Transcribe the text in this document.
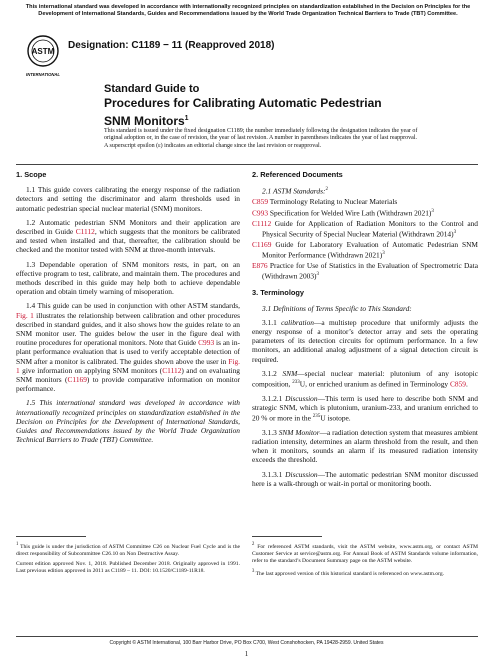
This international standard was developed in accordance with internationally recognized principles on standardization established in the Decision on Principles for the Development of International Standards, Guides and Recommendations issued by the World Trade Organization Technical Barriers to Trade (TBT) Committee.
ASTM
INTERNATIONAL
Designation: C1189 − 11 (Reapproved 2018)
Standard Guide to
Procedures for Calibrating Automatic Pedestrian SNM Monitors$^1$
This standard is issued under the fixed designation C1189; the number immediately following the designation indicates the year of original adoption or, in the case of revision, the year of last revision. A number in parentheses indicates the year of last reapproval. A superscript epsilon (ε) indicates an editorial change since the last revision or reapproval.
1. Scope
1.1 This guide covers calibrating the energy response of the radiation detectors and setting the discriminator and alarm thresholds used in automatic pedestrian special nuclear material (SNM) monitors.
1.2 Automatic pedestrian SNM Monitors and their application are described in Guide C1112, which suggests that the monitors be calibrated and tested when installed and that, thereafter, the calibration should be checked and the monitor tested with SNM at three-month intervals.
1.3 Dependable operation of SNM monitors rests, in part, on an effective program to test, calibrate, and maintain them. The procedures and methods described in this guide may help both to achieve dependable operation and obtain timely warning of misoperation.
1.4 This guide can be used in conjunction with other ASTM standards, Fig. 1 illustrates the relationship between calibration and other procedures described in standard guides, and it also shows how the guides relate to an SNM monitor user. The guides below the user in the figure deal with routine procedures for operational monitors. Note that Guide C993 is an in-plant performance evaluation that is used to verify acceptable detection of SNM after a monitor is calibrated. The guides shown above the user in Fig. 1 give information on applying SNM monitors (C1112) and on evaluating SNM monitors (C1169) to provide comparative information on monitor performance.
1.5 This international standard was developed in accordance with internationally recognized principles on standardization established in the Decision on Principles for the Development of International Standards, Guides and Recommendations issued by the World Trade Organization Technical Barriers to Trade (TBT) Committee.
2. Referenced Documents
2.1 ASTM Standards:$^2$
C859 Terminology Relating to Nuclear Materials
C993 Specification for Welded Wire Lath (Withdrawn 2021)$^3$
C1112 Guide for Application of Radiation Monitors to the Control and Physical Security of Special Nuclear Material (Withdrawn 2014)$^3$
C1169 Guide for Laboratory Evaluation of Automatic Pedestrian SNM Monitor Performance (Withdrawn 2021)$^3$
E876 Practice for Use of Statistics in the Evaluation of Spectrometric Data (Withdrawn 2003)$^3$
3. Terminology
3.1 Definitions of Terms Specific to This Standard:
3.1.1 calibration—a multistep procedure that uniformly adjusts the energy response of a monitor’s detector array and sets the operating parameters of its detection circuits for optimum performance. In a few monitors, an additional analog adjustment of a signal detection circuit is required.
3.1.2 SNM—special nuclear material: plutonium of any isotopic composition, $^{233}$U, or enriched uranium as defined in Terminology C859.
3.1.2.1 Discussion—This term is used here to describe both SNM and strategic SNM, which is plutonium, uranium-233, and uranium enriched to 20 % or more in the $^{235}$U isotope.
3.1.3 SNM Monitor—a radiation detection system that measures ambient radiation intensity, determines an alarm threshold from the result, and then when it monitors, sounds an alarm if its measured radiation intensity exceeds the threshold.
3.1.3.1 Discussion—The automatic pedestrian SNM monitor discussed here is a walk-through or wait-in portal or monitoring booth.

$^1$ This guide is under the jurisdiction of ASTM Committee C26 on Nuclear Fuel Cycle and is the direct responsibility of Subcommittee C26.10 on Non Destructive Assay.

Current edition approved Nov. 1, 2018. Published December 2018. Originally approved in 1991. Last previous edition approved in 2011 as C1189 – 11. DOI: 10.1520/C1189-11R18.

$^2$ For referenced ASTM standards, visit the ASTM website, www.astm.org, or contact ASTM Customer Service at service@astm.org. For Annual Book of ASTM Standards volume information, refer to the standard’s Document Summary page on the ASTM website.

$^3$ The last approved version of this historical standard is referenced on www.astm.org.

Copyright © ASTM International, 100 Barr Harbor Drive, PO Box C700, West Conshohocken, PA 19428-2959. United States
1
